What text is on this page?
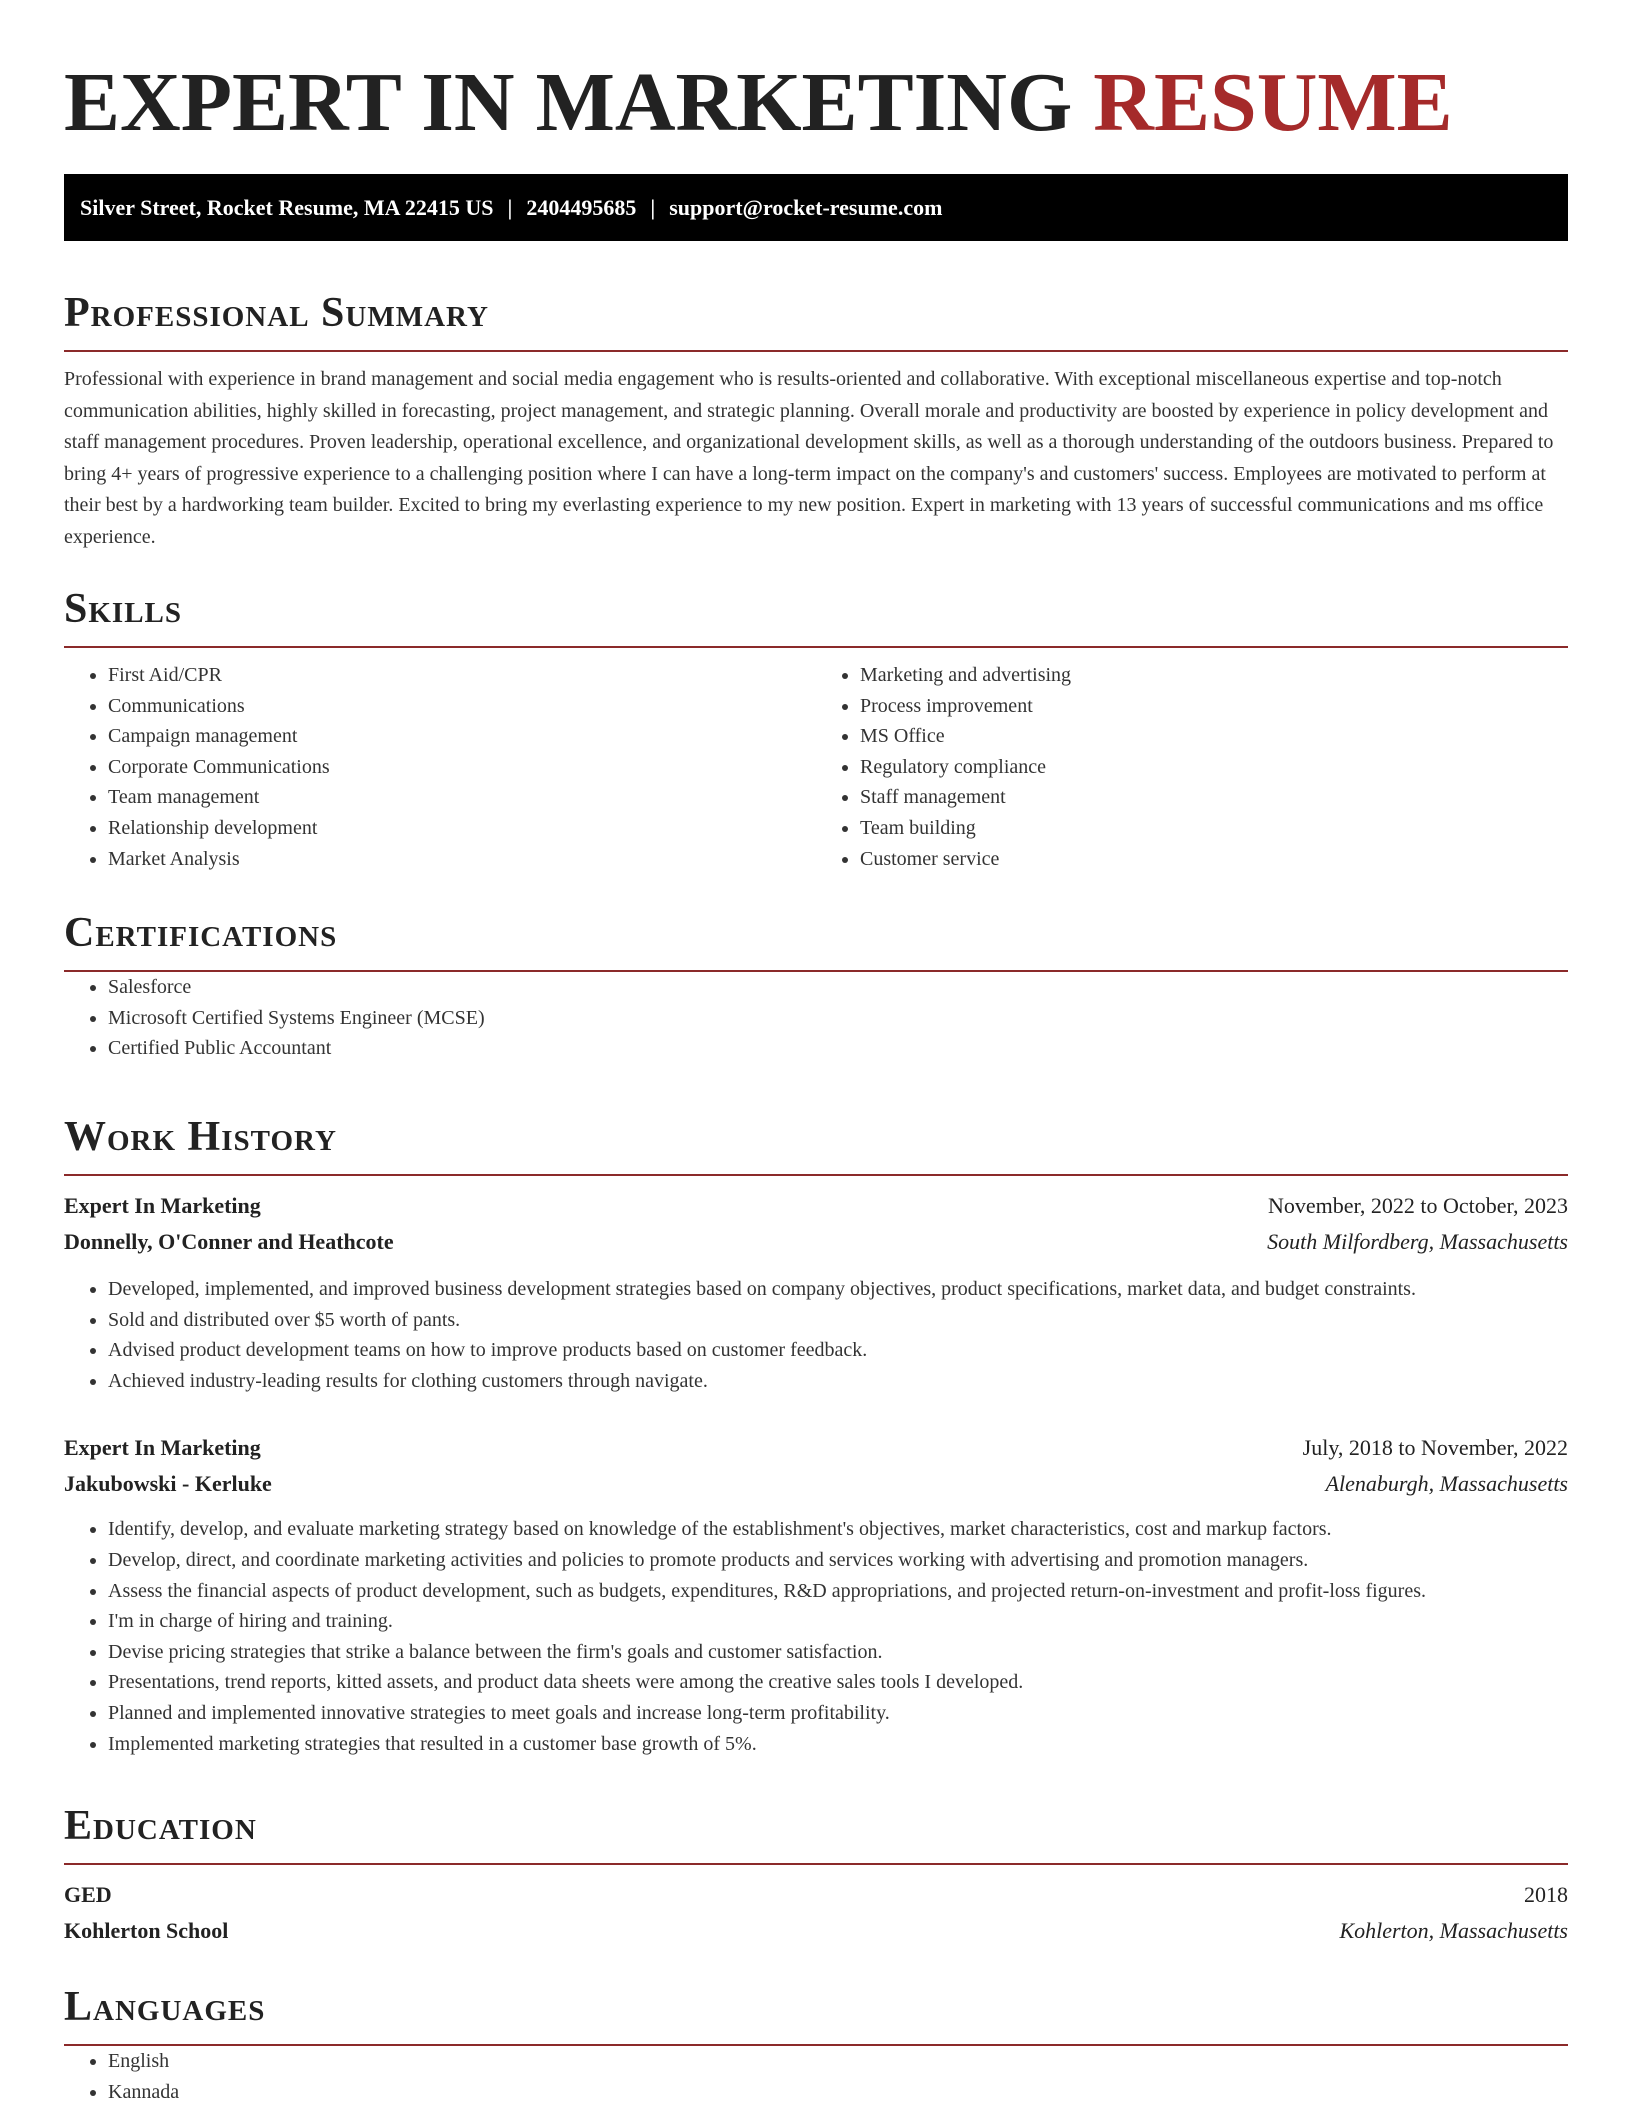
EXPERT IN MARKETING RESUME
Silver Street, Rocket Resume, MA 22415 US | 2404495685 | support@rocket-resume.com
Professional Summary

Professional with experience in brand management and social media engagement who is results-oriented and collaborative. With exceptional miscellaneous expertise and top-notch communication abilities, highly skilled in forecasting, project management, and strategic planning. Overall morale and productivity are boosted by experience in policy development and staff management procedures. Proven leadership, operational excellence, and organizational development skills, as well as a thorough understanding of the outdoors business. Prepared to bring 4+ years of progressive experience to a challenging position where I can have a long-term impact on the company's and customers' success. Employees are motivated to perform at their best by a hardworking team builder. Excited to bring my everlasting experience to my new position. Expert in marketing with 13 years of successful communications and ms office experience.

Skills
• First Aid/CPR
• Communications
• Campaign management
• Corporate Communications
• Team management
• Relationship development
• Market Analysis
• Marketing and advertising
• Process improvement
• MS Office
• Regulatory compliance
• Staff management
• Team building
• Customer service
Certifications
• Salesforce
• Microsoft Certified Systems Engineer (MCSE)
• Certified Public Accountant
Work History
Expert In Marketing	November, 2022 to October, 2023
Donnelly, O'Conner and Heathcote	South Milfordberg, Massachusetts
• Developed, implemented, and improved business development strategies based on company objectives, product specifications, market data, and budget constraints.
• Sold and distributed over $5 worth of pants.
• Advised product development teams on how to improve products based on customer feedback.
• Achieved industry-leading results for clothing customers through navigate.
Expert In Marketing	July, 2018 to November, 2022
Jakubowski - Kerluke	Alenaburgh, Massachusetts
• Identify, develop, and evaluate marketing strategy based on knowledge of the establishment's objectives, market characteristics, cost and markup factors.
• Develop, direct, and coordinate marketing activities and policies to promote products and services working with advertising and promotion managers.
• Assess the financial aspects of product development, such as budgets, expenditures, R&D appropriations, and projected return-on-investment and profit-loss figures.
• I'm in charge of hiring and training.
• Devise pricing strategies that strike a balance between the firm's goals and customer satisfaction.
• Presentations, trend reports, kitted assets, and product data sheets were among the creative sales tools I developed.
• Planned and implemented innovative strategies to meet goals and increase long-term profitability.
• Implemented marketing strategies that resulted in a customer base growth of 5%.
Education
GED	2018
Kohlerton School	Kohlerton, Massachusetts
Languages
• English
• Kannada
